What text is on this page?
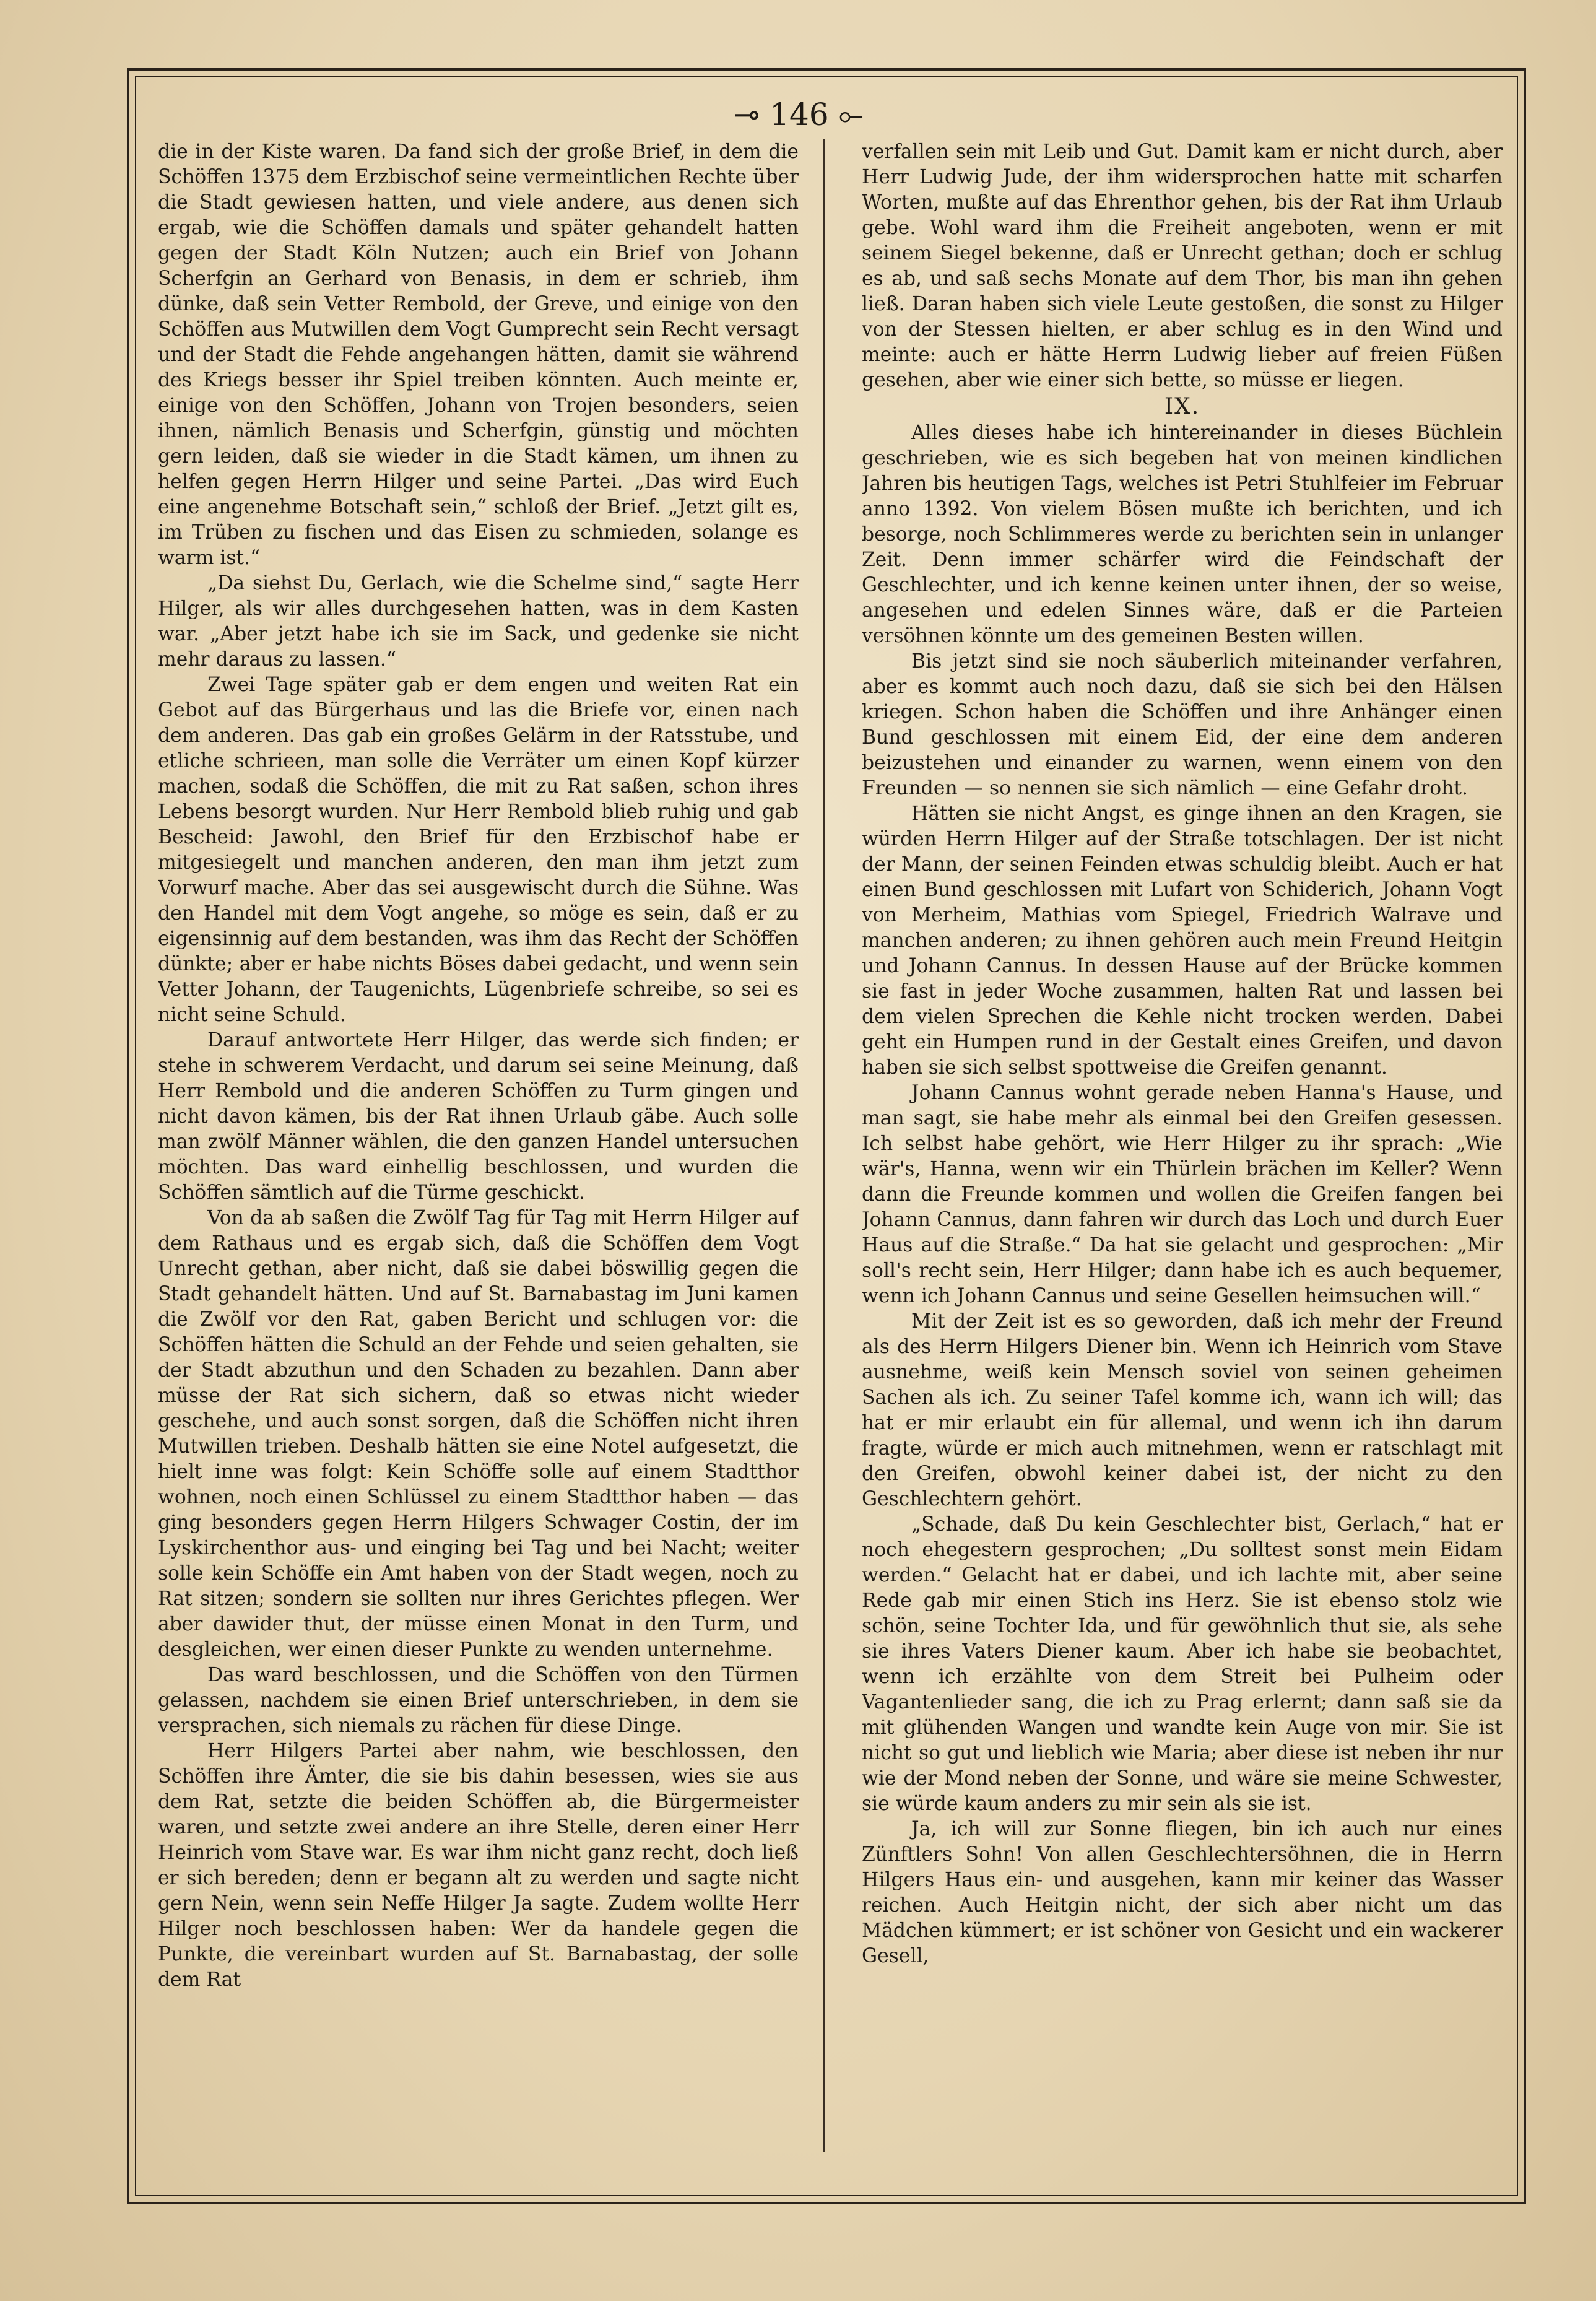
⊸ 146 ⟜

die in der Kiste waren. Da fand sich der große Brief, in dem die Schöffen 1375 dem Erzbischof seine vermeintlichen Rechte über die Stadt gewiesen hatten, und viele andere, aus denen sich ergab, wie die Schöffen damals und später gehandelt hatten gegen der Stadt Köln Nutzen; auch ein Brief von Johann Scherfgin an Gerhard von Benasis, in dem er schrieb, ihm dünke, daß sein Vetter Rembold, der Greve, und einige von den Schöffen aus Mutwillen dem Vogt Gumprecht sein Recht versagt und der Stadt die Fehde angehangen hätten, damit sie während des Kriegs besser ihr Spiel treiben könnten. Auch meinte er, einige von den Schöffen, Johann von Trojen besonders, seien ihnen, nämlich Benasis und Scherfgin, günstig und möchten gern leiden, daß sie wieder in die Stadt kämen, um ihnen zu helfen gegen Herrn Hilger und seine Partei. „Das wird Euch eine angenehme Botschaft sein,“ schloß der Brief. „Jetzt gilt es, im Trüben zu fischen und das Eisen zu schmieden, solange es warm ist.“

„Da siehst Du, Gerlach, wie die Schelme sind,“ sagte Herr Hilger, als wir alles durchgesehen hatten, was in dem Kasten war. „Aber jetzt habe ich sie im Sack, und gedenke sie nicht mehr daraus zu lassen.“

Zwei Tage später gab er dem engen und weiten Rat ein Gebot auf das Bürgerhaus und las die Briefe vor, einen nach dem anderen. Das gab ein großes Gelärm in der Ratsstube, und etliche schrieen, man solle die Verräter um einen Kopf kürzer machen, sodaß die Schöffen, die mit zu Rat saßen, schon ihres Lebens besorgt wurden. Nur Herr Rembold blieb ruhig und gab Bescheid: Jawohl, den Brief für den Erzbischof habe er mitgesiegelt und manchen anderen, den man ihm jetzt zum Vorwurf mache. Aber das sei ausgewischt durch die Sühne. Was den Handel mit dem Vogt angehe, so möge es sein, daß er zu eigensinnig auf dem bestanden, was ihm das Recht der Schöffen dünkte; aber er habe nichts Böses dabei gedacht, und wenn sein Vetter Johann, der Taugenichts, Lügenbriefe schreibe, so sei es nicht seine Schuld.

Darauf antwortete Herr Hilger, das werde sich finden; er stehe in schwerem Verdacht, und darum sei seine Meinung, daß Herr Rembold und die anderen Schöffen zu Turm gingen und nicht davon kämen, bis der Rat ihnen Urlaub gäbe. Auch solle man zwölf Männer wählen, die den ganzen Handel untersuchen möchten. Das ward einhellig beschlossen, und wurden die Schöffen sämtlich auf die Türme geschickt.

Von da ab saßen die Zwölf Tag für Tag mit Herrn Hilger auf dem Rathaus und es ergab sich, daß die Schöffen dem Vogt Unrecht gethan, aber nicht, daß sie dabei böswillig gegen die Stadt gehandelt hätten. Und auf St. Barnabastag im Juni kamen die Zwölf vor den Rat, gaben Bericht und schlugen vor: die Schöffen hätten die Schuld an der Fehde und seien gehalten, sie der Stadt abzuthun und den Schaden zu bezahlen. Dann aber müsse der Rat sich sichern, daß so etwas nicht wieder geschehe, und auch sonst sorgen, daß die Schöffen nicht ihren Mutwillen trieben. Deshalb hätten sie eine Notel aufgesetzt, die hielt inne was folgt: Kein Schöffe solle auf einem Stadtthor wohnen, noch einen Schlüssel zu einem Stadtthor haben — das ging besonders gegen Herrn Hilgers Schwager Costin, der im Lyskirchenthor aus- und einging bei Tag und bei Nacht; weiter solle kein Schöffe ein Amt haben von der Stadt wegen, noch zu Rat sitzen; sondern sie sollten nur ihres Gerichtes pflegen. Wer aber dawider thut, der müsse einen Monat in den Turm, und desgleichen, wer einen dieser Punkte zu wenden unternehme.

Das ward beschlossen, und die Schöffen von den Türmen gelassen, nachdem sie einen Brief unterschrieben, in dem sie versprachen, sich niemals zu rächen für diese Dinge.

Herr Hilgers Partei aber nahm, wie beschlossen, den Schöffen ihre Ämter, die sie bis dahin besessen, wies sie aus dem Rat, setzte die beiden Schöffen ab, die Bürgermeister waren, und setzte zwei andere an ihre Stelle, deren einer Herr Heinrich vom Stave war. Es war ihm nicht ganz recht, doch ließ er sich bereden; denn er begann alt zu werden und sagte nicht gern Nein, wenn sein Neffe Hilger Ja sagte. Zudem wollte Herr Hilger noch beschlossen haben: Wer da handele gegen die Punkte, die vereinbart wurden auf St. Barnabastag, der solle dem Rat

verfallen sein mit Leib und Gut. Damit kam er nicht durch, aber Herr Ludwig Jude, der ihm widersprochen hatte mit scharfen Worten, mußte auf das Ehrenthor gehen, bis der Rat ihm Urlaub gebe. Wohl ward ihm die Freiheit angeboten, wenn er mit seinem Siegel bekenne, daß er Unrecht gethan; doch er schlug es ab, und saß sechs Monate auf dem Thor, bis man ihn gehen ließ. Daran haben sich viele Leute gestoßen, die sonst zu Hilger von der Stessen hielten, er aber schlug es in den Wind und meinte: auch er hätte Herrn Ludwig lieber auf freien Füßen gesehen, aber wie einer sich bette, so müsse er liegen.

IX.

Alles dieses habe ich hintereinander in dieses Büchlein geschrieben, wie es sich begeben hat von meinen kindlichen Jahren bis heutigen Tags, welches ist Petri Stuhlfeier im Februar anno 1392. Von vielem Bösen mußte ich berichten, und ich besorge, noch Schlimmeres werde zu berichten sein in unlanger Zeit. Denn immer schärfer wird die Feindschaft der Geschlechter, und ich kenne keinen unter ihnen, der so weise, angesehen und edelen Sinnes wäre, daß er die Parteien versöhnen könnte um des gemeinen Besten willen.

Bis jetzt sind sie noch säuberlich miteinander verfahren, aber es kommt auch noch dazu, daß sie sich bei den Hälsen kriegen. Schon haben die Schöffen und ihre Anhänger einen Bund geschlossen mit einem Eid, der eine dem anderen beizustehen und einander zu warnen, wenn einem von den Freunden — so nennen sie sich nämlich — eine Gefahr droht.

Hätten sie nicht Angst, es ginge ihnen an den Kragen, sie würden Herrn Hilger auf der Straße totschlagen. Der ist nicht der Mann, der seinen Feinden etwas schuldig bleibt. Auch er hat einen Bund geschlossen mit Lufart von Schiderich, Johann Vogt von Merheim, Mathias vom Spiegel, Friedrich Walrave und manchen anderen; zu ihnen gehören auch mein Freund Heitgin und Johann Cannus. In dessen Hause auf der Brücke kommen sie fast in jeder Woche zusammen, halten Rat und lassen bei dem vielen Sprechen die Kehle nicht trocken werden. Dabei geht ein Humpen rund in der Gestalt eines Greifen, und davon haben sie sich selbst spottweise die Greifen genannt.

Johann Cannus wohnt gerade neben Hanna's Hause, und man sagt, sie habe mehr als einmal bei den Greifen gesessen. Ich selbst habe gehört, wie Herr Hilger zu ihr sprach: „Wie wär's, Hanna, wenn wir ein Thürlein brächen im Keller? Wenn dann die Freunde kommen und wollen die Greifen fangen bei Johann Cannus, dann fahren wir durch das Loch und durch Euer Haus auf die Straße.“ Da hat sie gelacht und gesprochen: „Mir soll's recht sein, Herr Hilger; dann habe ich es auch bequemer, wenn ich Johann Cannus und seine Gesellen heimsuchen will.“

Mit der Zeit ist es so geworden, daß ich mehr der Freund als des Herrn Hilgers Diener bin. Wenn ich Heinrich vom Stave ausnehme, weiß kein Mensch soviel von seinen geheimen Sachen als ich. Zu seiner Tafel komme ich, wann ich will; das hat er mir erlaubt ein für allemal, und wenn ich ihn darum fragte, würde er mich auch mitnehmen, wenn er ratschlagt mit den Greifen, obwohl keiner dabei ist, der nicht zu den Geschlechtern gehört.

„Schade, daß Du kein Geschlechter bist, Gerlach,“ hat er noch ehegestern gesprochen; „Du solltest sonst mein Eidam werden.“ Gelacht hat er dabei, und ich lachte mit, aber seine Rede gab mir einen Stich ins Herz. Sie ist ebenso stolz wie schön, seine Tochter Ida, und für gewöhnlich thut sie, als sehe sie ihres Vaters Diener kaum. Aber ich habe sie beobachtet, wenn ich erzählte von dem Streit bei Pulheim oder Vagantenlieder sang, die ich zu Prag erlernt; dann saß sie da mit glühenden Wangen und wandte kein Auge von mir. Sie ist nicht so gut und lieblich wie Maria; aber diese ist neben ihr nur wie der Mond neben der Sonne, und wäre sie meine Schwester, sie würde kaum anders zu mir sein als sie ist.

Ja, ich will zur Sonne fliegen, bin ich auch nur eines Zünftlers Sohn! Von allen Geschlechtersöhnen, die in Herrn Hilgers Haus ein- und ausgehen, kann mir keiner das Wasser reichen. Auch Heitgin nicht, der sich aber nicht um das Mädchen kümmert; er ist schöner von Gesicht und ein wackerer Gesell,
